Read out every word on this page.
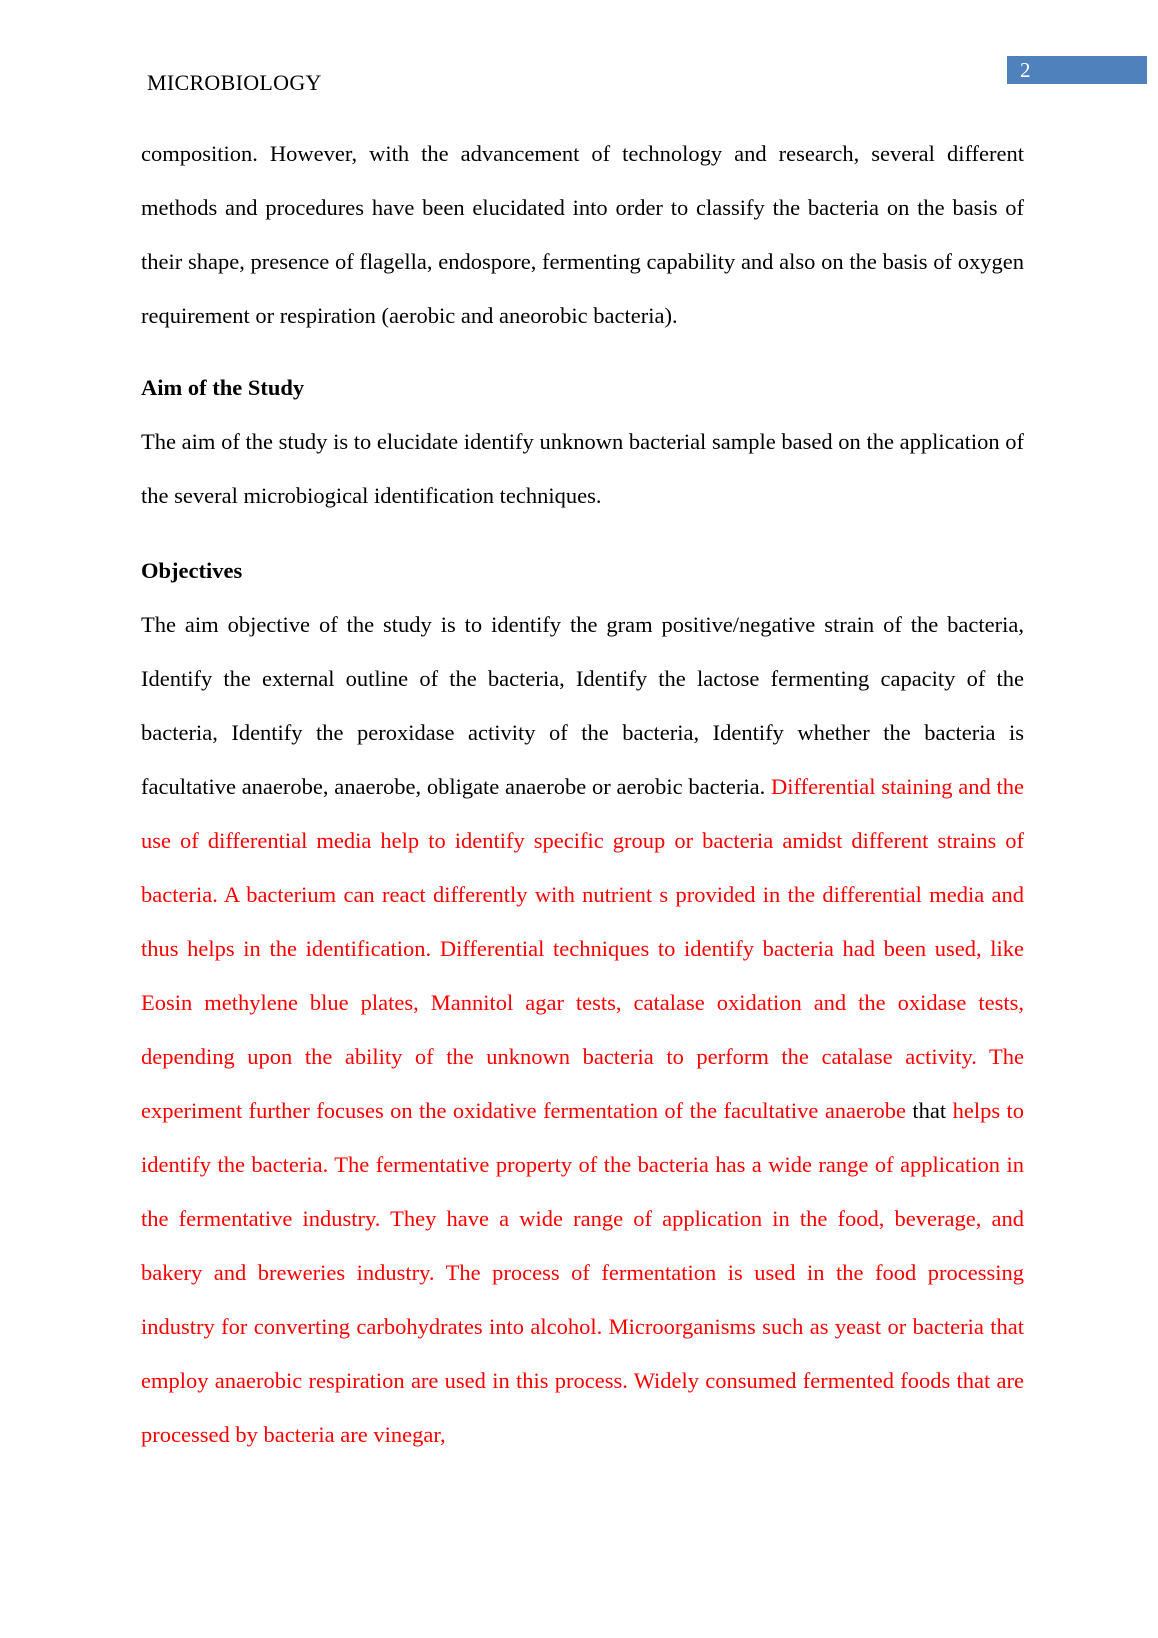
MICROBIOLOGY	2

composition. However, with the advancement of technology and research, several different methods and procedures have been elucidated into order to classify the bacteria on the basis of their shape, presence of flagella, endospore, fermenting capability and also on the basis of oxygen requirement or respiration (aerobic and aneorobic bacteria).

Aim of the Study

The aim of the study is to elucidate identify unknown bacterial sample based on the application of the several microbiogical identification techniques.

Objectives

The aim objective of the study is to identify the gram positive/negative strain of the bacteria, Identify the external outline of the bacteria, Identify the lactose fermenting capacity of the bacteria, Identify the peroxidase activity of the bacteria, Identify whether the bacteria is facultative anaerobe, anaerobe, obligate anaerobe or aerobic bacteria. Differential staining and the use of differential media help to identify specific group or bacteria amidst different strains of bacteria. A bacterium can react differently with nutrient s provided in the differential media and thus helps in the identification. Differential techniques to identify bacteria had been used, like Eosin methylene blue plates, Mannitol agar tests, catalase oxidation and the oxidase tests, depending upon the ability of the unknown bacteria to perform the catalase activity. The experiment further focuses on the oxidative fermentation of the facultative anaerobe that helps to identify the bacteria. The fermentative property of the bacteria has a wide range of application in the fermentative industry. They have a wide range of application in the food, beverage, and bakery and breweries industry. The process of fermentation is used in the food processing industry for converting carbohydrates into alcohol. Microorganisms such as yeast or bacteria that employ anaerobic respiration are used in this process. Widely consumed fermented foods that are processed by bacteria are vinegar,
